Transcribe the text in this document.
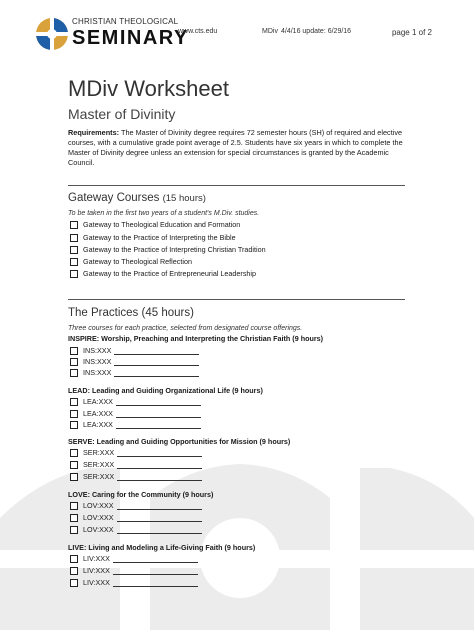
CHRISTIAN THEOLOGICAL
SEMINARY
www.cts.edu	MDiv 4/4/16 update: 6/29/16	page 1 of 2
MDiv Worksheet
Master of Divinity
Requirements: The Master of Divinity degree requires 72 semester hours (SH) of required and elective courses, with a cumulative grade point average of 2.5. Students have six years in which to complete the Master of Divinity degree unless an extension for special circumstances is granted by the Academic Council.
Gateway Courses (15 hours)
To be taken in the first two years of a student's M.Div. studies.
Gateway to Theological Education and Formation
Gateway to the Practice of Interpreting the Bible
Gateway to the Practice of Interpreting Christian Tradition
Gateway to Theological Reflection
Gateway to the Practice of Entrepreneurial Leadership
The Practices (45 hours)
Three courses for each practice, selected from designated course offerings.
INSPIRE: Worship, Preaching and Interpreting the Christian Faith (9 hours)
INS:XXX
INS:XXX
INS:XXX
LEAD: Leading and Guiding Organizational Life (9 hours)
LEA:XXX
LEA:XXX
LEA:XXX
SERVE: Leading and Guiding Opportunities for Mission (9 hours)
SER:XXX
SER:XXX
SER:XXX
LOVE: Caring for the Community (9 hours)
LOV:XXX
LOV:XXX
LOV:XXX
LIVE: Living and Modeling a Life-Giving Faith (9 hours)
LIV:XXX
LIV:XXX
LIV:XXX
